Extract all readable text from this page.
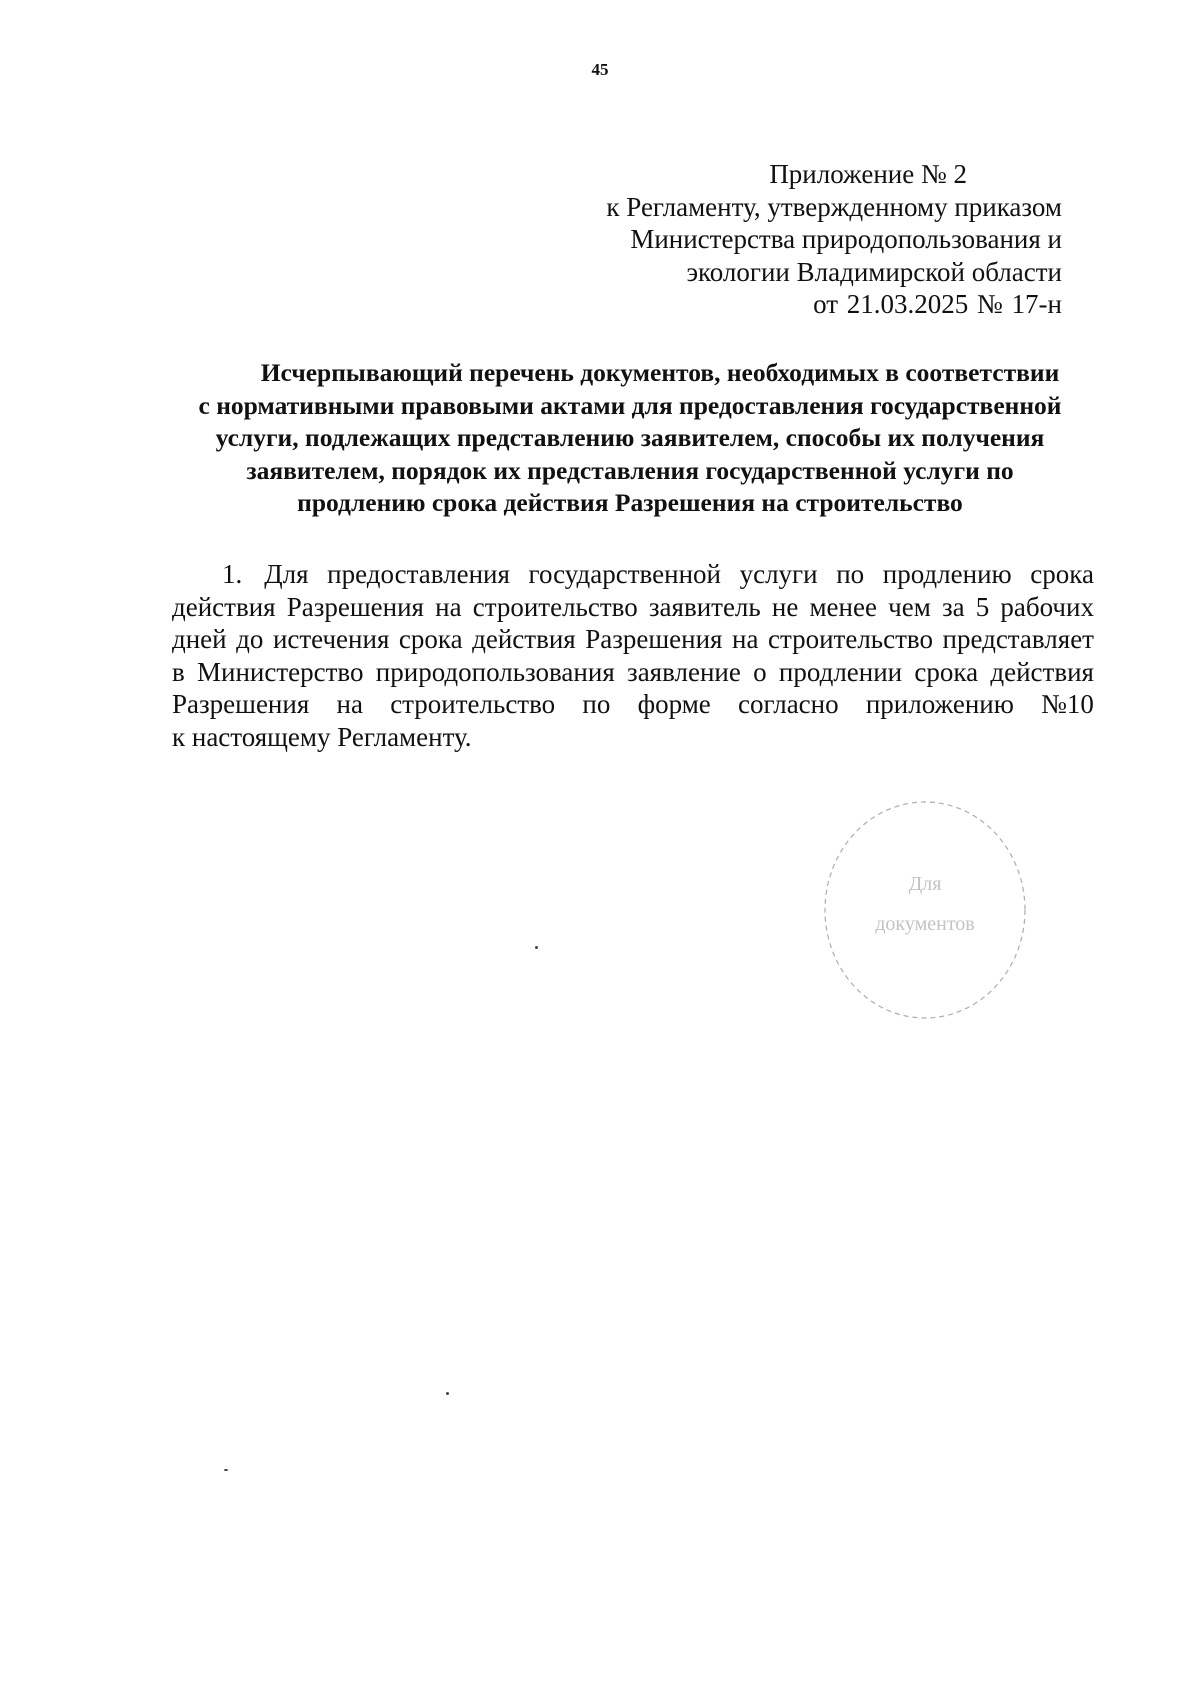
45
Приложение № 2
к Регламенту, утвержденному приказом
Министерства природопользования и
экологии Владимирской области
от 21.03.2025 № 17-н
Исчерпывающий перечень документов, необходимых в соответствии
с нормативными правовыми актами для предоставления государственной
услуги, подлежащих представлению заявителем, способы их получения
заявителем, порядок их представления государственной услуги по
продлению срока действия Разрешения на строительство
1. Для предоставления государственной услуги по продлению срока
действия Разрешения на строительство заявитель не менее чем за 5 рабочих
дней до истечения срока действия Разрешения на строительство представляет
в Министерство природопользования заявление о продлении срока действия
Разрешения на строительство по форме согласно приложению №10
к настоящему Регламенту.
Для
документов
